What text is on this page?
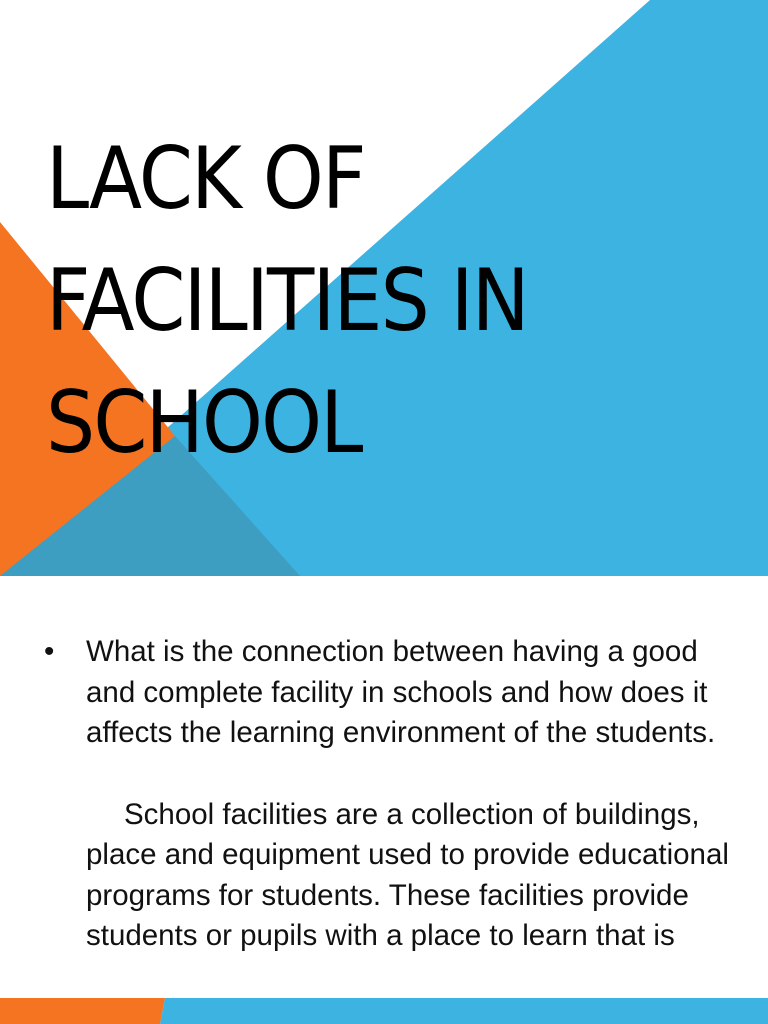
LACK OF FACILITIES IN SCHOOL
•	What is the connection between having a good and complete facility in schools and how does it affects the learning environment of the students.
School facilities are a collection of buildings, place and equipment used to provide educational programs for students. These facilities provide students or pupils with a place to learn that is
